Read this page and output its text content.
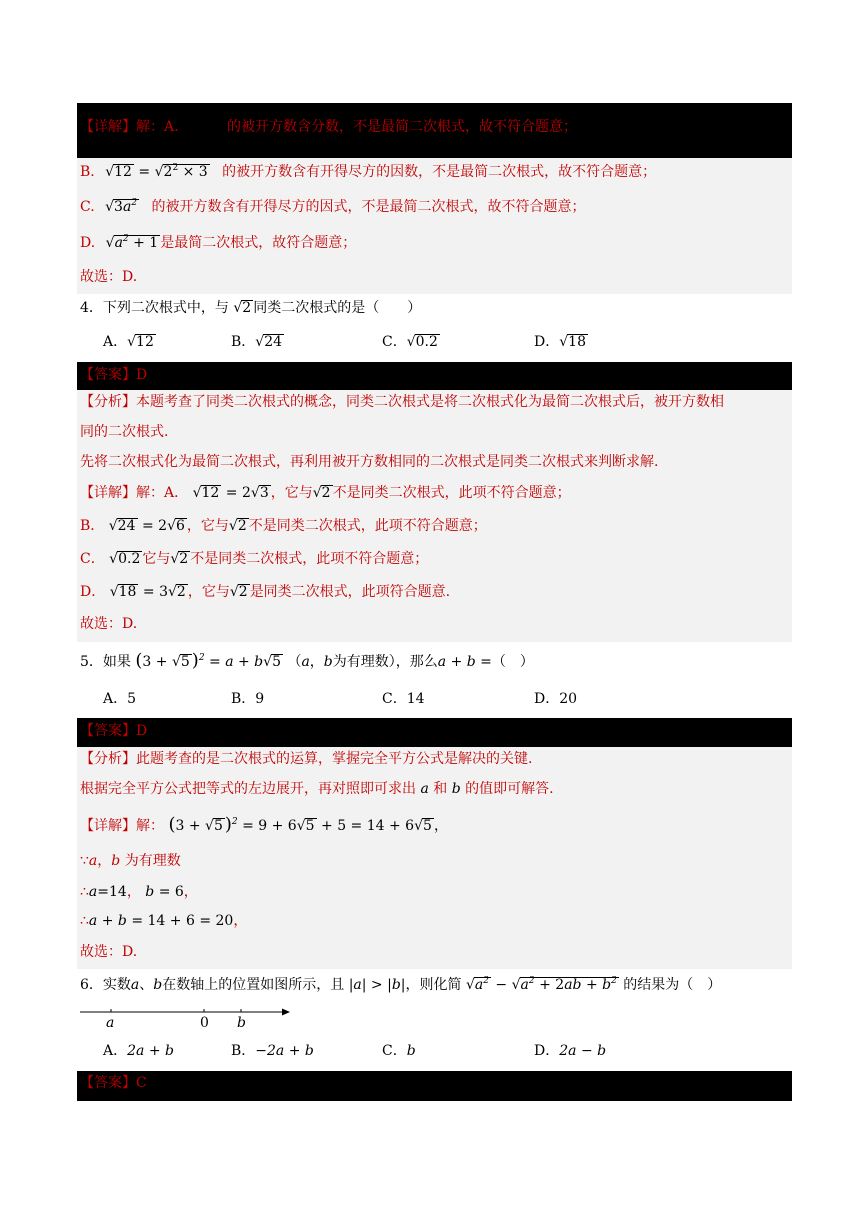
【详解】解：A.	的被开方数含分数，不是最简二次根式，故不符合题意；
B. $√12 = √2^2 \times 3$ 的被开方数含有开得尽方的因数，不是最简二次根式，故不符合题意；
C. $√3a^2$ 的被开方数含有开得尽方的因式，不是最简二次根式，故不符合题意；
D. $√a^2 + 1$ 是最简二次根式，故符合题意；
故选：D.
4．下列二次根式中，与 √2 同类二次根式的是（　　）
A．√12	B．√24	C．√0.2	D．√18
【答案】D
【分析】本题考查了同类二次根式的概念，同类二次根式是将二次根式化为最简二次根式后，被开方数相
同的二次根式.
先将二次根式化为最简二次根式，再利用被开方数相同的二次根式是同类二次根式来判断求解.
【详解】解：A． √12 = 2√3 ，它与√2 不是同类二次根式，此项不符合题意；
B． √24 = 2√6 ，它与√2 不是同类二次根式，此项不符合题意；
C． √0.2 它与√2 不是同类二次根式，此项不符合题意；
D． √18 = 3√2 ，它与√2 是同类二次根式，此项符合题意.
故选：D.
5．如果 (3 + √5 )$^2$ = a + b√5 （a，b为有理数），那么a + b =（　）
A．5	B．9	C．14	D．20
【答案】D
【分析】此题考查的是二次根式的运算，掌握完全平方公式是解决的关键.
根据完全平方公式把等式的左边展开，再对照即可求出 a 和 b 的值即可解答.
【详解】解： (3 + √5 )$^2$ = 9 + 6√5 + 5 = 14 + 6√5 ，
∵a，b 为有理数
∴a=14， b = 6，
∴a + b = 14 + 6 = 20，
故选：D.
6．实数a、b在数轴上的位置如图所示，且 |a| > |b|，则化简 $√a^2 - √a^2 + 2ab + b^2$ 的结果为（　）
a	0 b
A．2a + b	B．−2a + b	C．b	D．2a − b
【答案】C
